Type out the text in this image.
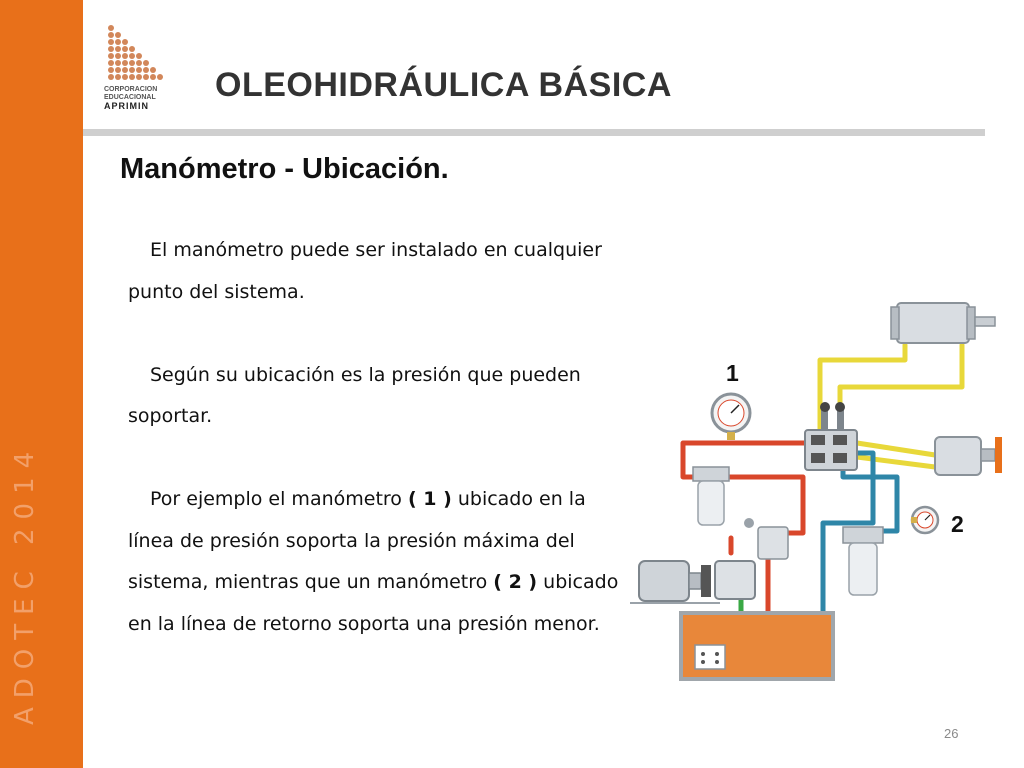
ADOTEC 2014
CORPORACION
EDUCACIONAL
APRIMIN
OLEOHIDRÁULICA BÁSICA
Manómetro - Ubicación.

El manómetro puede ser instalado en cualquier punto del sistema.

Según su ubicación es la presión que pueden soportar.

Por ejemplo el manómetro ( 1 ) ubicado en la línea de presión soporta la presión máxima del sistema, mientras que un manómetro ( 2 ) ubicado en la línea de retorno soporta una presión menor.

1
2
26
